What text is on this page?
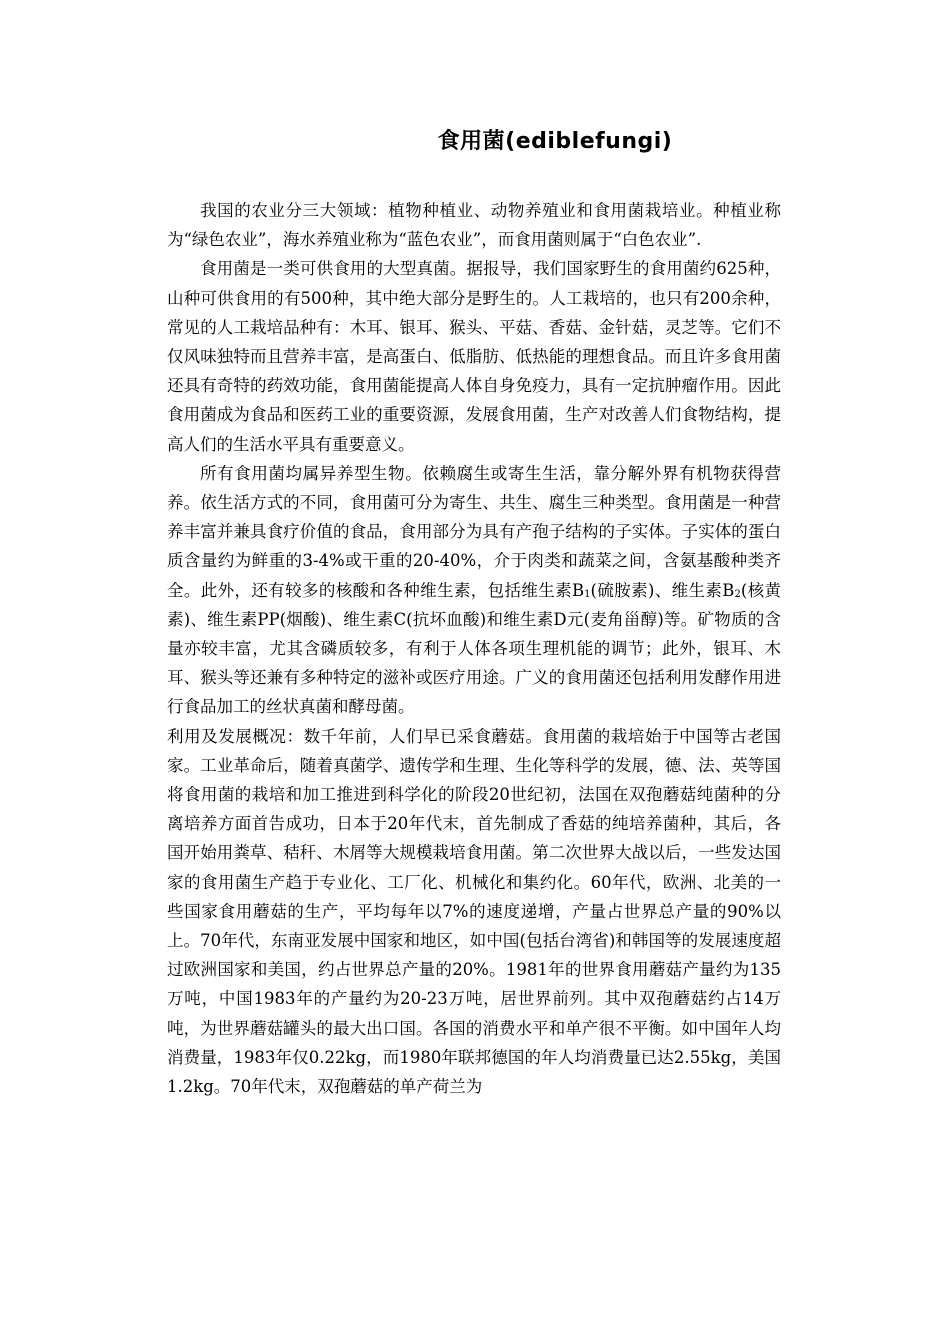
食用菌(ediblefungi)

我国的农业分三大领域：植物种植业、动物养殖业和食用菌栽培业。种植业称为“绿色农业”，海水养殖业称为“蓝色农业”，而食用菌则属于“白色农业”.

食用菌是一类可供食用的大型真菌。据报导，我们国家野生的食用菌约625种，山种可供食用的有500种，其中绝大部分是野生的。人工栽培的，也只有200余种，常见的人工栽培品种有：木耳、银耳、猴头、平菇、香菇、金针菇，灵芝等。它们不仅风味独特而且营养丰富，是高蛋白、低脂肪、低热能的理想食品。而且许多食用菌还具有奇特的药效功能，食用菌能提高人体自身免疫力，具有一定抗肿瘤作用。因此食用菌成为食品和医药工业的重要资源，发展食用菌，生产对改善人们食物结构，提高人们的生活水平具有重要意义。

所有食用菌均属异养型生物。依赖腐生或寄生生活，靠分解外界有机物获得营养。依生活方式的不同，食用菌可分为寄生、共生、腐生三种类型。食用菌是一种营养丰富并兼具食疗价值的食品，食用部分为具有产孢子结构的子实体。子实体的蛋白质含量约为鲜重的3-4%或干重的20-40%，介于肉类和蔬菜之间，含氨基酸种类齐全。此外，还有较多的核酸和各种维生素，包括维生素$B_1$(硫胺素)、维生素$B_2$(核黄素)、维生素PP(烟酸)、维生素C(抗坏血酸)和维生素D元(麦角甾醇)等。矿物质的含量亦较丰富，尤其含磷质较多，有利于人体各项生理机能的调节；此外，银耳、木耳、猴头等还兼有多种特定的滋补或医疗用途。广义的食用菌还包括利用发酵作用进行食品加工的丝状真菌和酵母菌。

利用及发展概况：数千年前，人们早已采食蘑菇。食用菌的栽培始于中国等古老国家。工业革命后，随着真菌学、遗传学和生理、生化等科学的发展，德、法、英等国将食用菌的栽培和加工推进到科学化的阶段20世纪初，法国在双孢蘑菇纯菌种的分离培养方面首告成功，日本于20年代末，首先制成了香菇的纯培养菌种，其后，各国开始用粪草、秸秆、木屑等大规模栽培食用菌。第二次世界大战以后，一些发达国家的食用菌生产趋于专业化、工厂化、机械化和集约化。60年代，欧洲、北美的一些国家食用蘑菇的生产，平均每年以7%的速度递增，产量占世界总产量的90%以上。70年代，东南亚发展中国家和地区，如中国(包括台湾省)和韩国等的发展速度超过欧洲国家和美国，约占世界总产量的20%。1981年的世界食用蘑菇产量约为135万吨，中国1983年的产量约为20-23万吨，居世界前列。其中双孢蘑菇约占14万吨，为世界蘑菇罐头的最大出口国。各国的消费水平和单产很不平衡。如中国年人均消费量，1983年仅0.22kg，而1980年联邦德国的年人均消费量已达2.55kg，美国1.2kg。70年代末，双孢蘑菇的单产荷兰为
